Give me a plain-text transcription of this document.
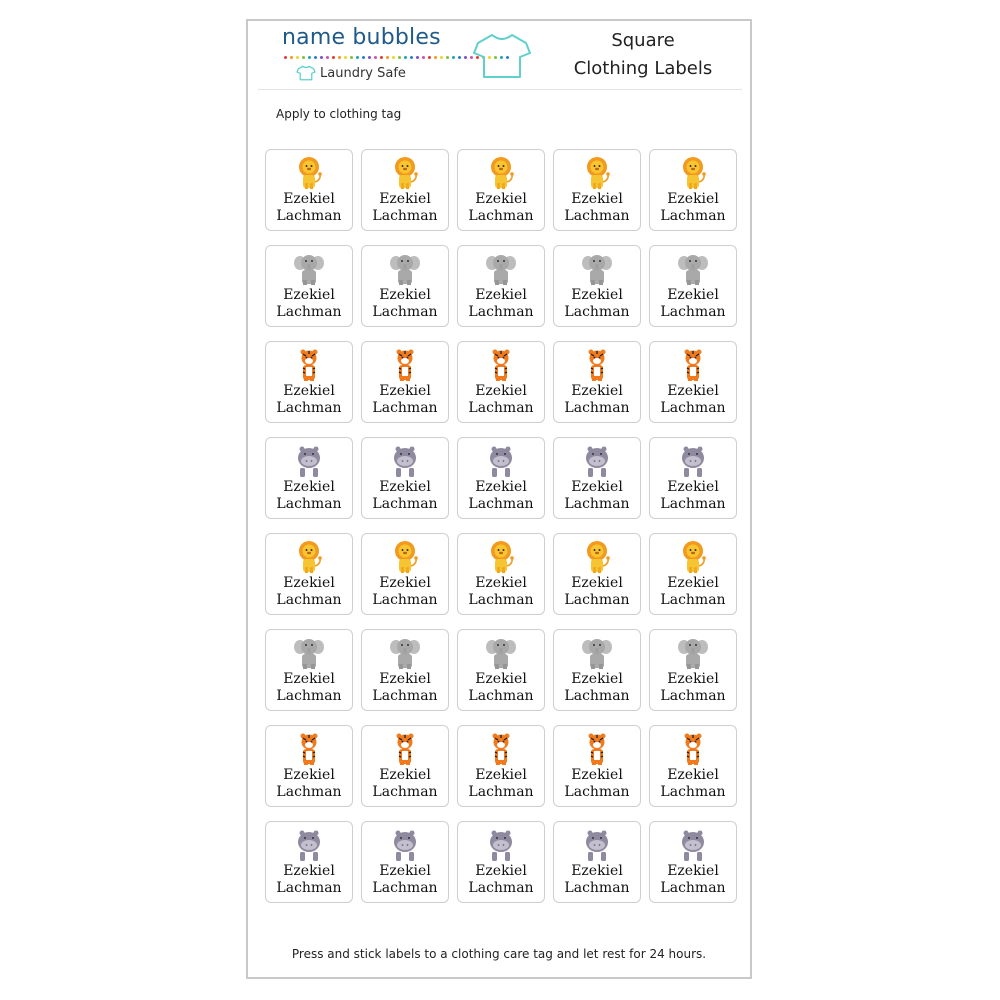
name bubbles
Laundry Safe
Square
Clothing Labels
Apply to clothing tag
Ezekiel
Lachman
Ezekiel
Lachman
Ezekiel
Lachman
Ezekiel
Lachman
Ezekiel
Lachman
Ezekiel
Lachman
Ezekiel
Lachman
Ezekiel
Lachman
Ezekiel
Lachman
Ezekiel
Lachman
Ezekiel
Lachman
Ezekiel
Lachman
Ezekiel
Lachman
Ezekiel
Lachman
Ezekiel
Lachman
Ezekiel
Lachman
Ezekiel
Lachman
Ezekiel
Lachman
Ezekiel
Lachman
Ezekiel
Lachman
Ezekiel
Lachman
Ezekiel
Lachman
Ezekiel
Lachman
Ezekiel
Lachman
Ezekiel
Lachman
Ezekiel
Lachman
Ezekiel
Lachman
Ezekiel
Lachman
Ezekiel
Lachman
Ezekiel
Lachman
Ezekiel
Lachman
Ezekiel
Lachman
Ezekiel
Lachman
Ezekiel
Lachman
Ezekiel
Lachman
Ezekiel
Lachman
Ezekiel
Lachman
Ezekiel
Lachman
Ezekiel
Lachman
Ezekiel
Lachman
Press and stick labels to a clothing care tag and let rest for 24 hours.
